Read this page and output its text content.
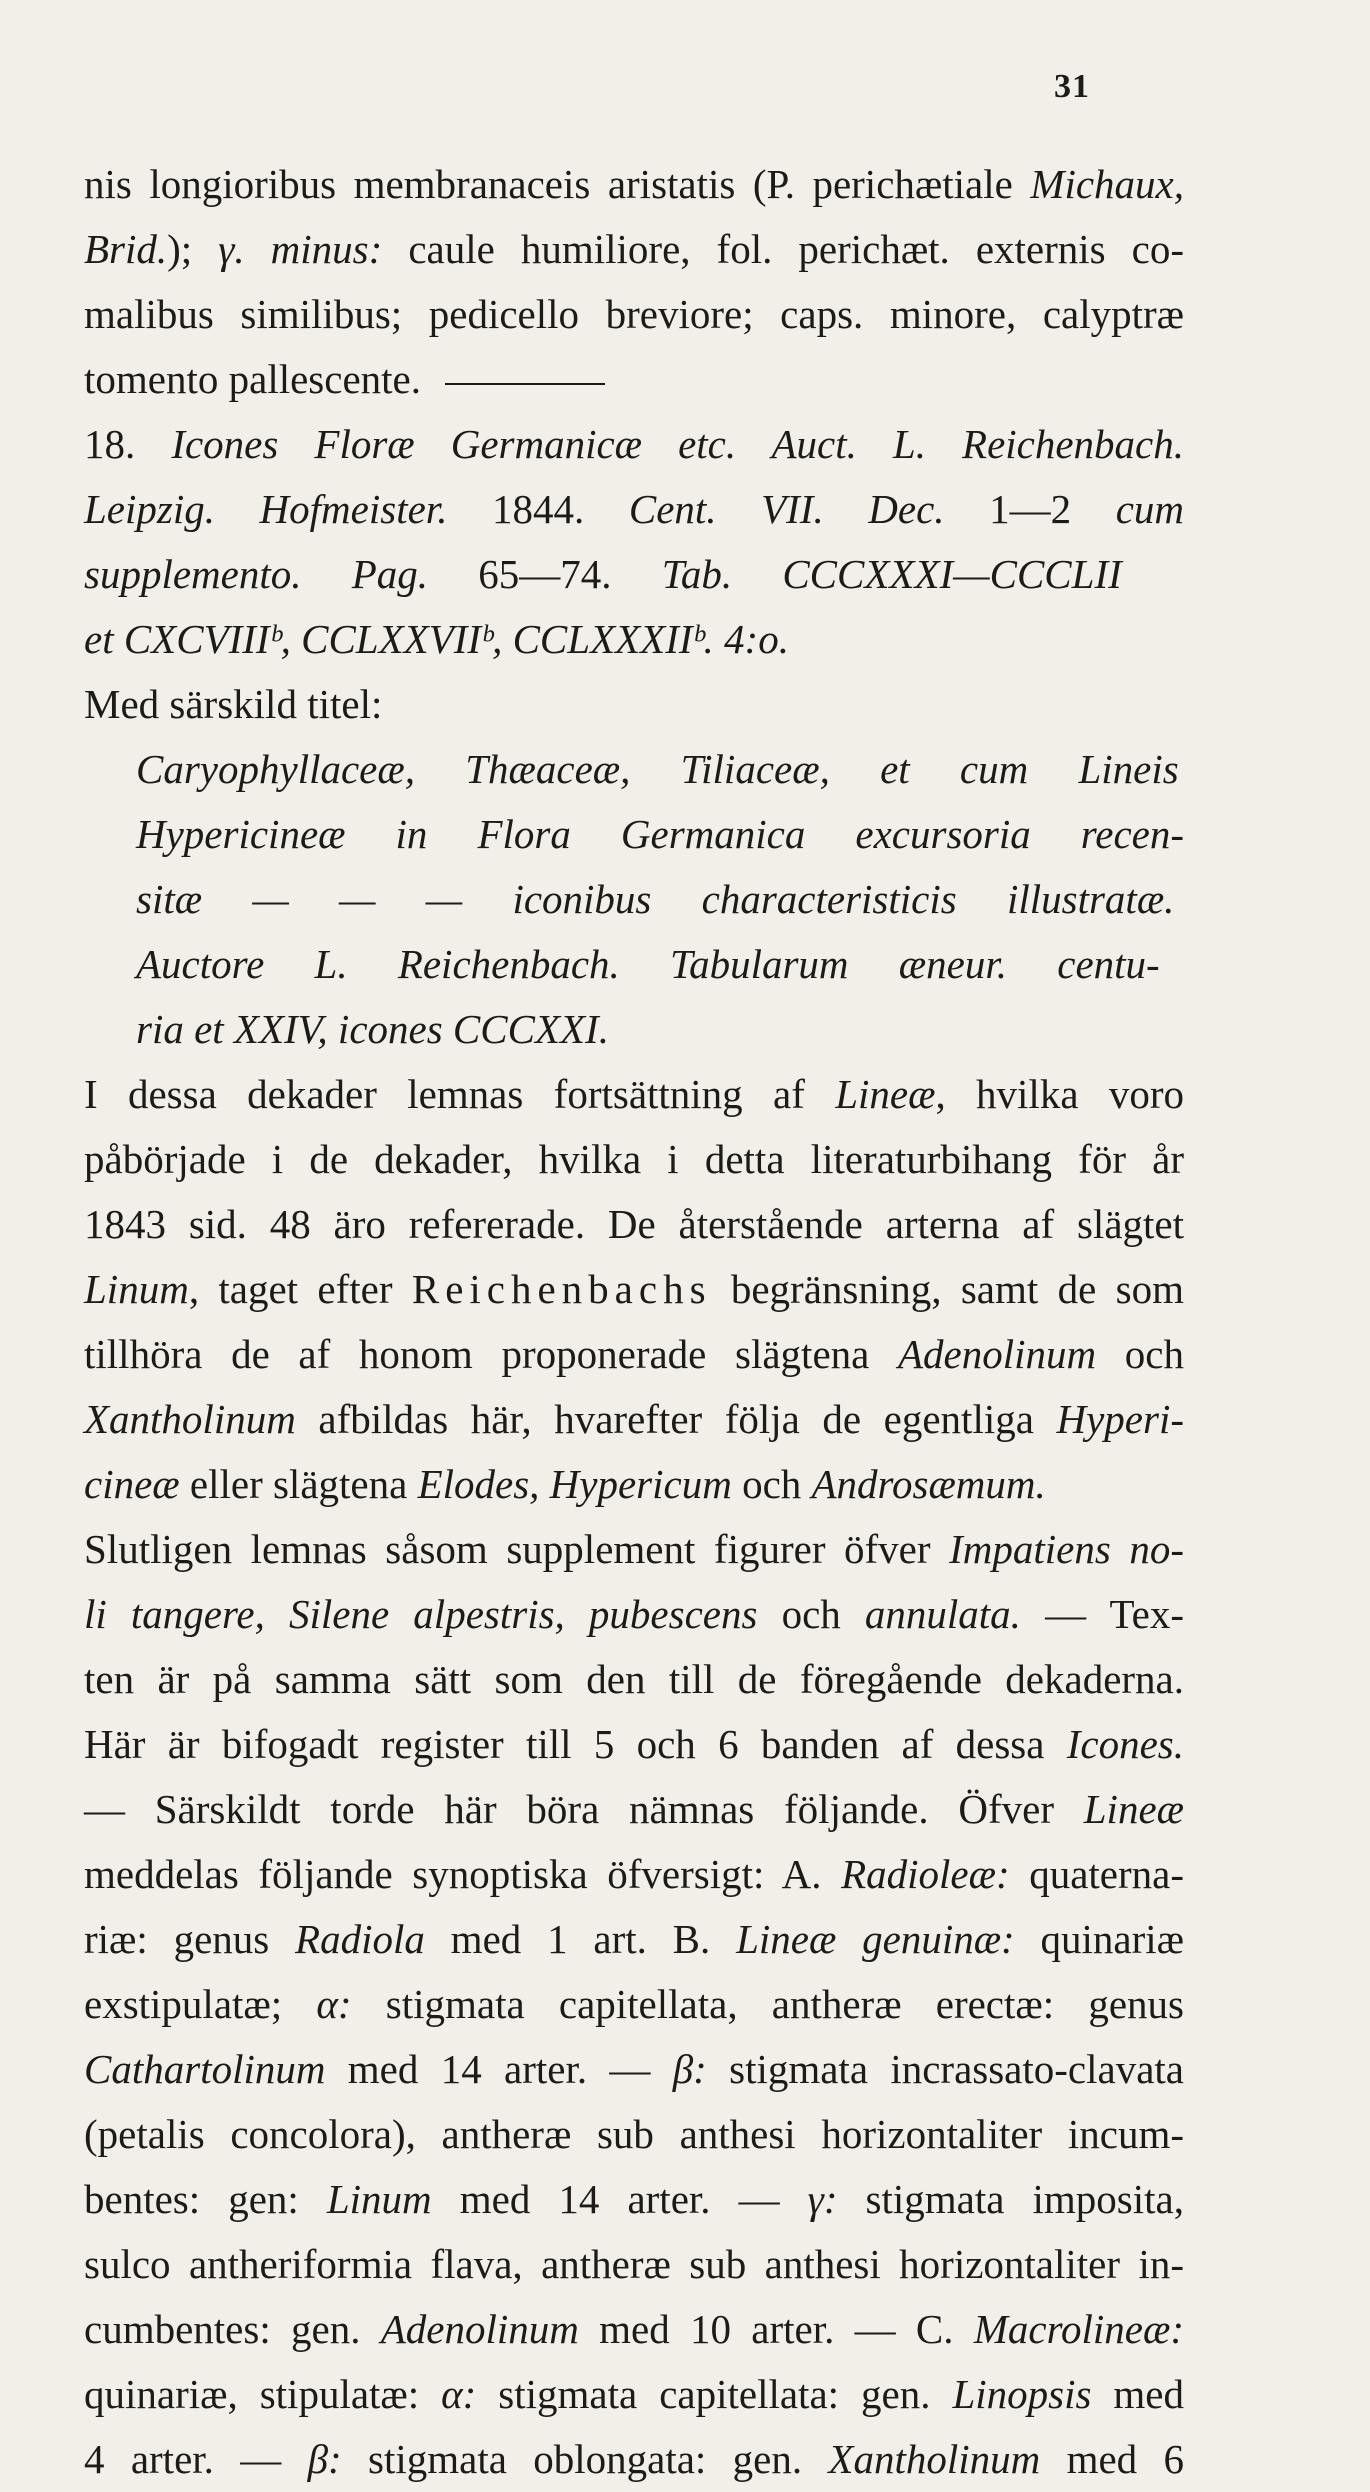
31
nis longioribus membranaceis aristatis (P. perichætiale Michaux,
Brid.); γ. minus: caule humiliore, fol. perichæt. externis co-
malibus similibus; pedicello breviore; caps. minore, calyptræ
tomento pallescente.
18. Icones Floræ Germanicæ etc. Auct. L. Reichenbach.
Leipzig. Hofmeister. 1844. Cent. VII. Dec. 1—2 cum
supplemento. Pag. 65—74. Tab. CCCXXXI—CCCLII
et CXCVIIIᵇ, CCLXXVIIᵇ, CCLXXXIIᵇ. 4:o.
Med särskild titel:
Caryophyllaceæ, Thæaceæ, Tiliaceæ, et cum Lineis
Hypericineæ in Flora Germanica excursoria recen-
sitæ — — — iconibus characteristicis illustratæ.
Auctore L. Reichenbach. Tabularum æneur. centu-
ria et XXIV, icones CCCXXI.
I dessa dekader lemnas fortsättning af Lineæ, hvilka voro
påbörjade i de dekader, hvilka i detta literaturbihang för år
1843 sid. 48 äro refererade. De återstående arterna af slägtet
Linum, taget efter Reichenbachs begränsning, samt de som
tillhöra de af honom proponerade slägtena Adenolinum och
Xantholinum afbildas här, hvarefter följa de egentliga Hyperi-
cineæ eller slägtena Elodes, Hypericum och Androsæmum.
Slutligen lemnas såsom supplement figurer öfver Impatiens no-
li tangere, Silene alpestris, pubescens och annulata. — Tex-
ten är på samma sätt som den till de föregående dekaderna.
Här är bifogadt register till 5 och 6 banden af dessa Icones.
— Särskildt torde här böra nämnas följande. Öfver Lineæ
meddelas följande synoptiska öfversigt: A. Radioleæ: quaterna-
riæ: genus Radiola med 1 art. B. Lineæ genuinæ: quinariæ
exstipulatæ; α: stigmata capitellata, antheræ erectæ: genus
Cathartolinum med 14 arter. — β: stigmata incrassato-clavata
(petalis concolora), antheræ sub anthesi horizontaliter incum-
bentes: gen: Linum med 14 arter. — γ: stigmata imposita,
sulco antheriformia flava, antheræ sub anthesi horizontaliter in-
cumbentes: gen. Adenolinum med 10 arter. — C. Macrolineæ:
quinariæ, stipulatæ: α: stigmata capitellata: gen. Linopsis med
4 arter. — β: stigmata oblongata: gen. Xantholinum med 6
